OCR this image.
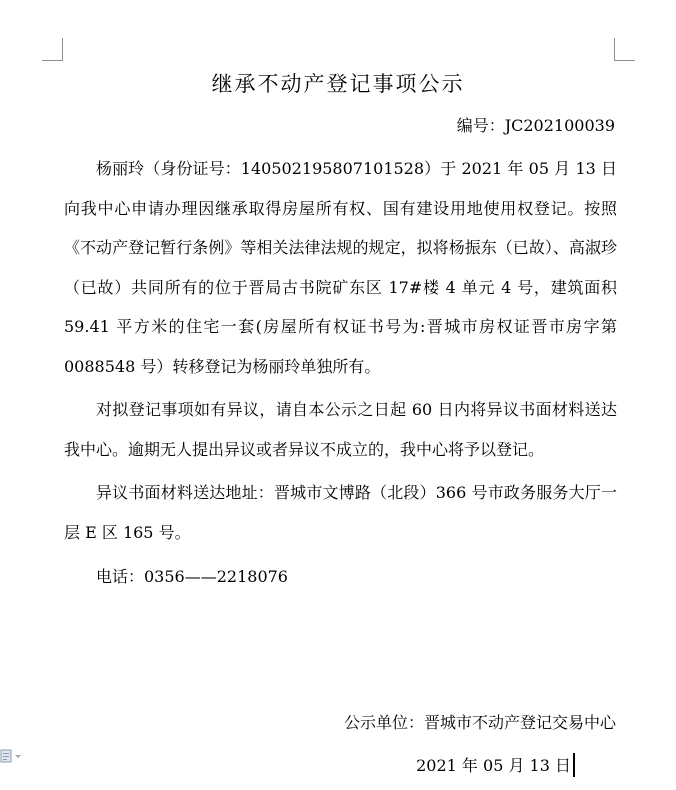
继承不动产登记事项公示
编号：JC202100039

杨丽玲（身份证号：140502195807101528）于 2021 年 05 月 13 日向我中心申请办理因继承取得房屋所有权、国有建设用地使用权登记。按照《不动产登记暂行条例》等相关法律法规的规定，拟将杨振东（已故）、高淑珍（已故）共同所有的位于晋局古书院矿东区 17#楼 4 单元 4 号，建筑面积 59.41 平方米的住宅一套(房屋所有权证书号为:晋城市房权证晋市房字第 0088548 号）转移登记为杨丽玲单独所有。

对拟登记事项如有异议，请自本公示之日起 60 日内将异议书面材料送达我中心。逾期无人提出异议或者异议不成立的，我中心将予以登记。

异议书面材料送达地址：晋城市文博路（北段）366 号市政务服务大厅一层 E 区 165 号。

电话：0356——2218076

公示单位：晋城市不动产登记交易中心
2021 年 05 月 13 日
